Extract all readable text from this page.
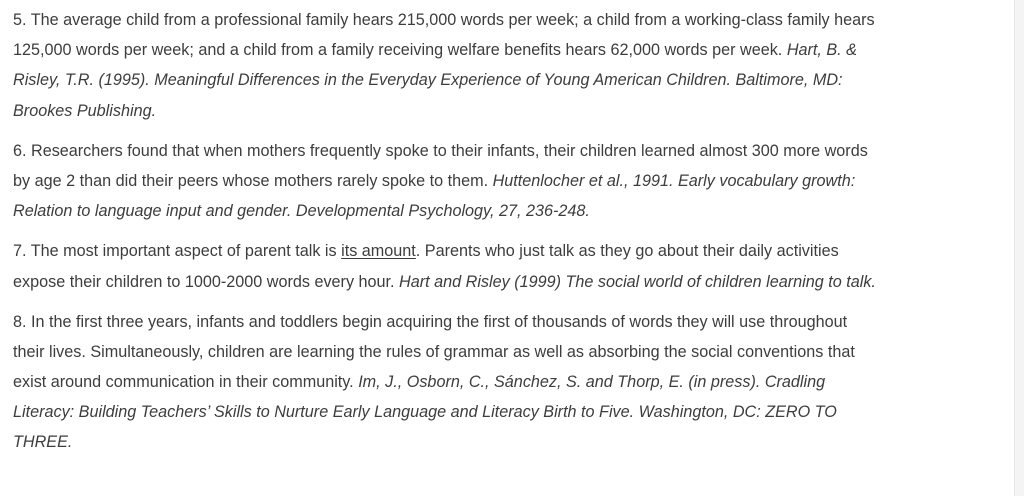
5. The average child from a professional family hears 215,000 words per week; a child from a working-class family hears
125,000 words per week; and a child from a family receiving welfare benefits hears 62,000 words per week. Hart, B. &
Risley, T.R. (1995). Meaningful Differences in the Everyday Experience of Young American Children. Baltimore, MD:
Brookes Publishing.
6. Researchers found that when mothers frequently spoke to their infants, their children learned almost 300 more words
by age 2 than did their peers whose mothers rarely spoke to them. Huttenlocher et al., 1991. Early vocabulary growth:
Relation to language input and gender. Developmental Psychology, 27, 236-248.
7. The most important aspect of parent talk is its amount. Parents who just talk as they go about their daily activities
expose their children to 1000-2000 words every hour. Hart and Risley (1999) The social world of children learning to talk.
8. In the first three years, infants and toddlers begin acquiring the first of thousands of words they will use throughout
their lives. Simultaneously, children are learning the rules of grammar as well as absorbing the social conventions that
exist around communication in their community. Im, J., Osborn, C., Sánchez, S. and Thorp, E. (in press). Cradling
Literacy: Building Teachers’ Skills to Nurture Early Language and Literacy Birth to Five. Washington, DC: ZERO TO
THREE.
